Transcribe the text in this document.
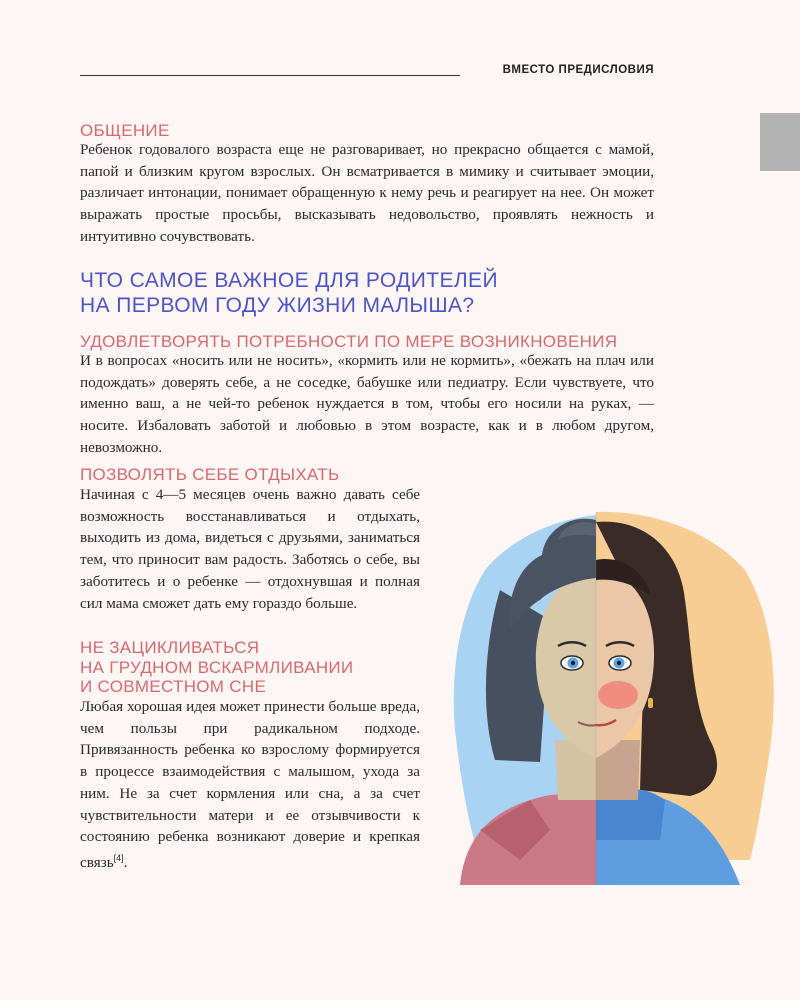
ВМЕСТО ПРЕДИСЛОВИЯ
ОБЩЕНИЕ

Ребенок годовалого возраста еще не разговаривает, но прекрасно общается с мамой, папой и близким кругом взрослых. Он всматривается в мимику и считывает эмоции, различает интонации, понимает обращенную к нему речь и реагирует на нее. Он может выражать простые просьбы, высказывать недовольство, проявлять нежность и интуитивно сочувствовать.

ЧТО САМОЕ ВАЖНОЕ ДЛЯ РОДИТЕЛЕЙ
НА ПЕРВОМ ГОДУ ЖИЗНИ МАЛЫША?
УДОВЛЕТВОРЯТЬ ПОТРЕБНОСТИ ПО МЕРЕ ВОЗНИКНОВЕНИЯ

И в вопросах «носить или не носить», «кормить или не кормить», «бежать на плач или подождать» доверять себе, а не соседке, бабушке или педиатру. Если чувствуете, что именно ваш, а не чей-то ребенок нуждается в том, чтобы его носили на руках, — носите. Избаловать заботой и любовью в этом возрасте, как и в любом другом, невозможно.

ПОЗВОЛЯТЬ СЕБЕ ОТДЫХАТЬ

Начиная с 4—5 месяцев очень важно давать себе возможность восстанавливаться и отдыхать, выходить из дома, видеться с друзьями, заниматься тем, что приносит вам радость. Заботясь о себе, вы заботитесь и о ребенке — отдохнувшая и полная сил мама сможет дать ему гораздо больше.

НЕ ЗАЦИКЛИВАТЬСЯ
НА ГРУДНОМ ВСКАРМЛИВАНИИ
И СОВМЕСТНОМ СНЕ

Любая хорошая идея может принести больше вреда, чем пользы при радикальном подходе. Привязанность ребенка ко взрослому формируется в процессе взаимодействия с малышом, ухода за ним. Не за счет кормления или сна, а за счет чувствительности матери и ее отзывчивости к состоянию ребенка возникают доверие и крепкая связь[4].
